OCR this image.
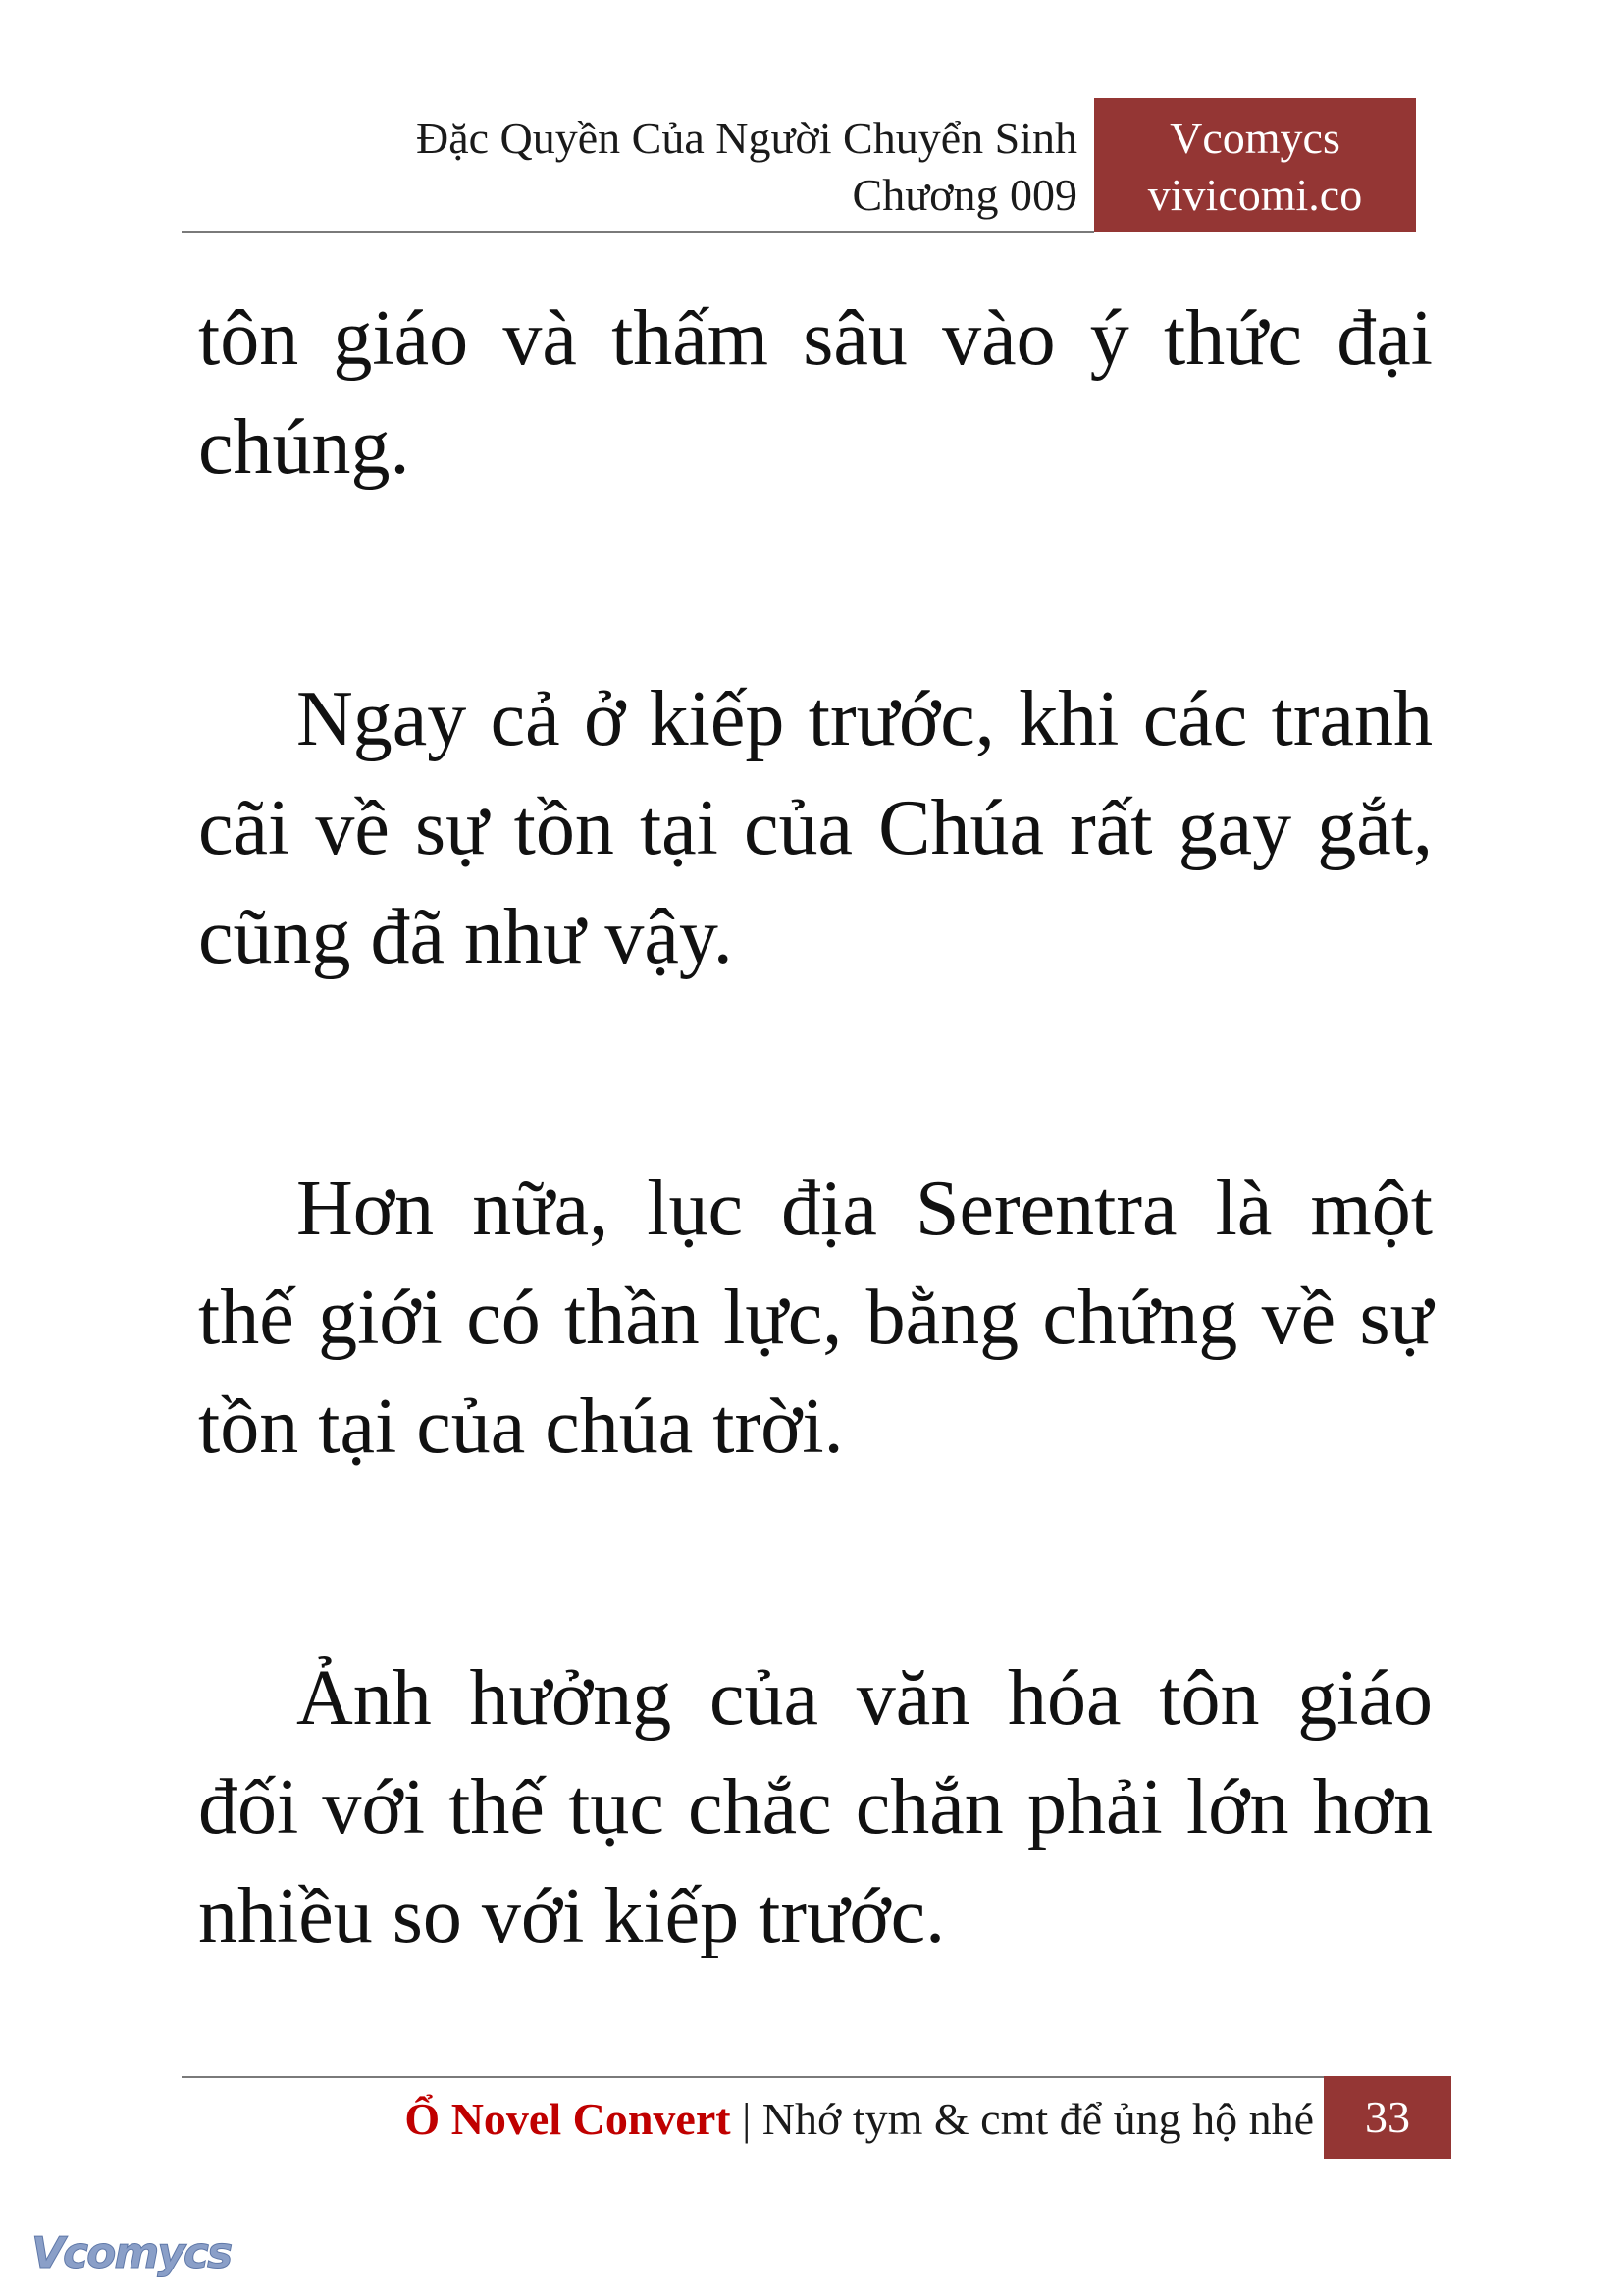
Đặc Quyền Của Người Chuyển Sinh
Chương 009
Vcomycs
vivicomi.co

tôn giáo và thấm sâu vào ý thức đại chúng.

Ngay cả ở kiếp trước, khi các tranh cãi về sự tồn tại của Chúa rất gay gắt, cũng đã như vậy.

Hơn nữa, lục địa Serentra là một thế giới có thần lực, bằng chứng về sự tồn tại của chúa trời.

Ảnh hưởng của văn hóa tôn giáo đối với thế tục chắc chắn phải lớn hơn nhiều so với kiếp trước.

Ổ Novel Convert | Nhớ tym & cmt để ủng hộ nhé	33
Vcomycs
